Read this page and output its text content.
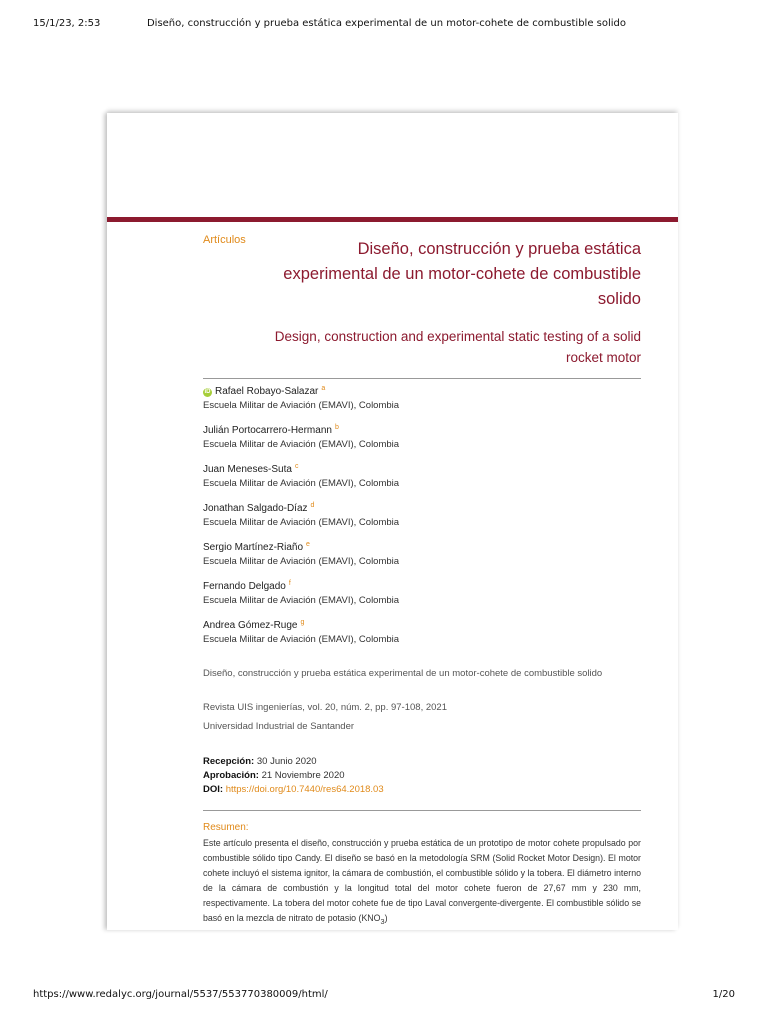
15/1/23, 2:53	Diseño, construcción y prueba estática experimental de un motor-cohete de combustible solido
Artículos	Diseño, construcción y prueba estática experimental de un motor-cohete de combustible solido
Design, construction and experimental static testing of a solid rocket motor
iD Rafael Robayo-Salazar $^a$
Escuela Militar de Aviación (EMAVI), Colombia
Julián Portocarrero-Hermann $^b$
Escuela Militar de Aviación (EMAVI), Colombia
Juan Meneses-Suta $^c$
Escuela Militar de Aviación (EMAVI), Colombia
Jonathan Salgado-Díaz $^d$
Escuela Militar de Aviación (EMAVI), Colombia
Sergio Martínez-Riaño $^e$
Escuela Militar de Aviación (EMAVI), Colombia
Fernando Delgado $^f$
Escuela Militar de Aviación (EMAVI), Colombia
Andrea Gómez-Ruge $^g$
Escuela Militar de Aviación (EMAVI), Colombia
Diseño, construcción y prueba estática experimental de un motor-cohete de combustible solido
Revista UIS ingenierías, vol. 20, núm. 2, pp. 97-108, 2021
Universidad Industrial de Santander
Recepción: 30 Junio 2020
Aprobación: 21 Noviembre 2020
DOI: https://doi.org/10.7440/res64.2018.03
Resumen:
Este artículo presenta el diseño, construcción y prueba estática de un prototipo de motor cohete propulsado por combustible sólido tipo Candy. El diseño se basó en la metodología SRM (Solid Rocket Motor Design). El motor cohete incluyó el sistema ignitor, la cámara de combustión, el combustible sólido y la tobera. El diámetro interno de la cámara de combustión y la longitud total del motor cohete fueron de 27,67 mm y 230 mm, respectivamente. La tobera del motor cohete fue de tipo Laval convergente-divergente. El combustible sólido se basó en la mezcla de nitrato de potasio $(KNO_3)$
https://www.redalyc.org/journal/5537/553770380009/html/	1/20
